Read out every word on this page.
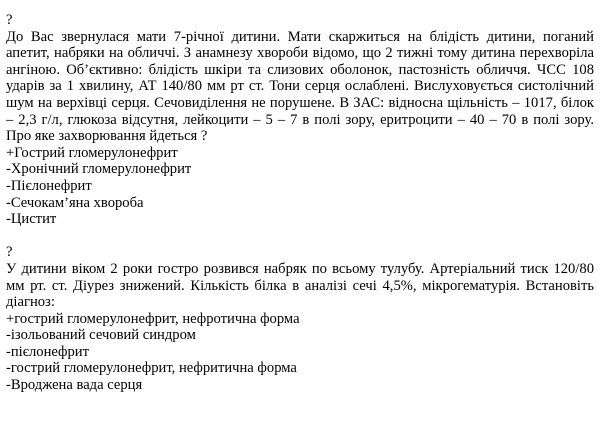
?
До Вас звернулася мати 7-річної дитини. Мати скаржиться на блідість дитини, поганий апетит, набряки на обличчі. З анамнезу хвороби відомо, що 2 тижні тому дитина перехворіла ангіною. Об’єктивно: блідість шкіри та слизових оболонок, пастозність обличчя. ЧСС 108 ударів за 1 хвилину, АТ 140/80 мм рт ст. Тони серця ослаблені. Вислуховується систолічний шум на верхівці серця. Сечовиділення не порушене. В ЗАС: відносна щільність – 1017, білок – 2,3 г/л, глюкоза відсутня, лейкоцити – 5 – 7 в полі зору, еритроцити – 40 – 70 в полі зору. Про яке захворювання йдеться ?
+Гострий гломерулонефрит
-Хронічний гломерулонефрит
-Пієлонефрит
-Сечокам’яна хвороба
-Цистит
?
У дитини віком 2 роки гостро розвився набряк по всьому тулубу. Артеріальний тиск 120/80 мм рт. ст. Діурез знижений. Кількість білка в аналізі сечі 4,5%, мікрогематурія. Встановіть діагноз:
+гострий гломерулонефрит, нефротична форма
-ізольований сечовий синдром
-пієлонефрит
-гострий гломерулонефрит, нефритична форма
-Вроджена вада серця
